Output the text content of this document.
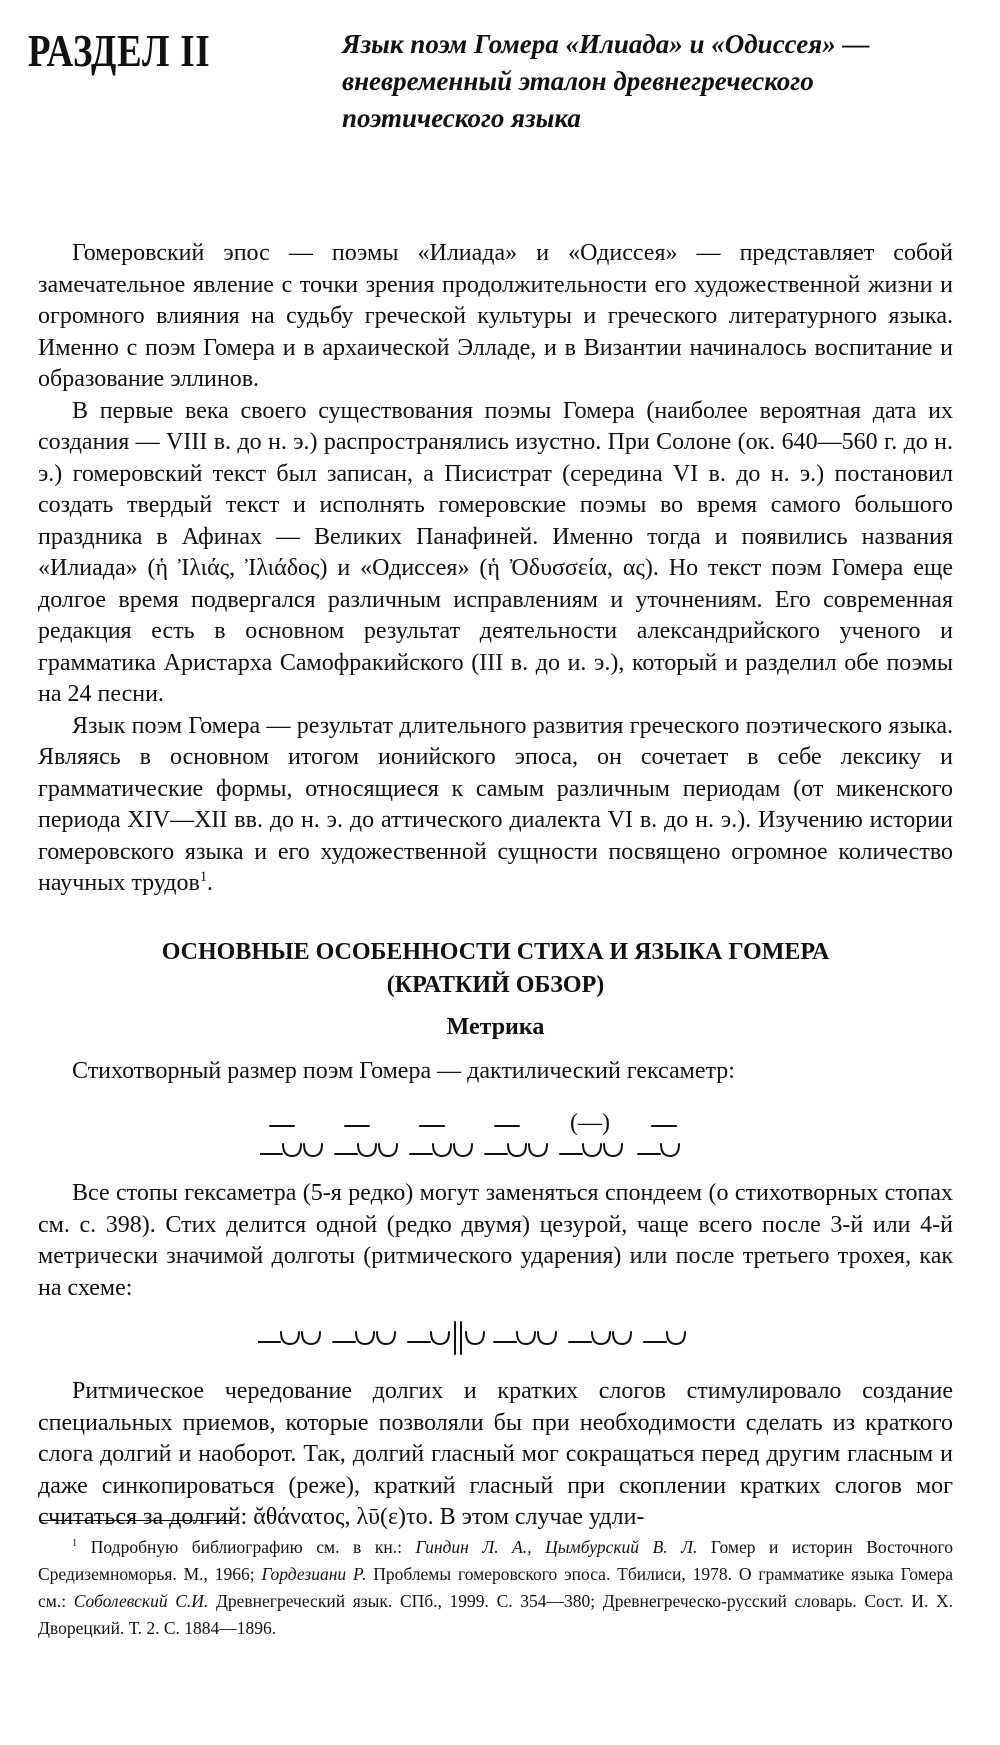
РАЗДЕЛ II	Язык поэм Гомера «Илиада» и «Одиссея» — вневременный эталон древнегреческого поэтического языка

Гомеровский эпос — поэмы «Илиада» и «Одиссея» — представляет собой замечательное явление с точки зрения продолжительности его художественной жизни и огромного влияния на судьбу греческой культуры и греческого литературного языка. Именно с поэм Гомера и в архаической Элладе, и в Византии начиналось воспитание и образование эллинов.

В первые века своего существования поэмы Гомера (наиболее вероятная дата их создания — VIII в. до н. э.) распространялись изустно. При Солоне (ок. 640—560 г. до н. э.) гомеровский текст был записан, а Писистрат (середина VI в. до н. э.) постановил создать твердый текст и исполнять гомеровские поэмы во время самого большого праздника в Афинах — Великих Панафиней. Именно тогда и появились названия «Илиада» (ἡ Ἰλιάς, Ἰλιάδος) и «Одиссея» (ἡ Ὀδυσσεία, ας). Но текст поэм Гомера еще долгое время подвергался различным исправлениям и уточнениям. Его современная редакция есть в основном результат деятельности александрийского ученого и грамматика Аристарха Самофракийского (III в. до и. э.), который и разделил обе поэмы на 24 песни.

Язык поэм Гомера — результат длительного развития греческого поэтического языка. Являясь в основном итогом ионийского эпоса, он сочетает в себе лексику и грамматические формы, относящиеся к самым различным периодам (от микенского периода XIV—XII вв. до н. э. до аттического диалекта VI в. до н. э.). Изучению истории гомеровского языка и его художественной сущности посвящено огромное количество научных трудов$^1$.

ОСНОВНЫЕ ОСОБЕННОСТИ СТИХА И ЯЗЫКА ГОМЕРА
(КРАТКИЙ ОБЗОР)
Метрика
Стихотворный размер поэм Гомера — дактилический гексаметр:
(—)

Все стопы гексаметра (5-я редко) могут заменяться спондеем (о стихотворных стопах см. с. 398). Стих делится одной (редко двумя) цезурой, чаще всего после 3-й или 4-й метрически значимой долготы (ритмического ударения) или после третьего трохея, как на схеме:

Ритмическое чередование долгих и кратких слогов стимулировало создание специальных приемов, которые позволяли бы при необходимости сделать из краткого слога долгий и наоборот. Так, долгий гласный мог сокращаться перед другим гласным и даже синкопироваться (реже), краткий гласный при скоплении кратких слогов мог считаться за долгий: ᾰθάνατος, λῡ(ε)το. В этом случае удли-

$^1$ Подробную библиографию см. в кн.: Гиндин Л. А., Цымбурский В. Л. Гомер и историн Восточного Средиземноморья. М., 1966; Гордезиани Р. Проблемы гомеровского эпоса. Тбилиси, 1978. О грамматике языка Гомера см.: Соболевский С.И. Древнегреческий язык. СПб., 1999. С. 354—380; Древнегреческо-русский словарь. Сост. И. Х. Дворецкий. Т. 2. С. 1884—1896.
